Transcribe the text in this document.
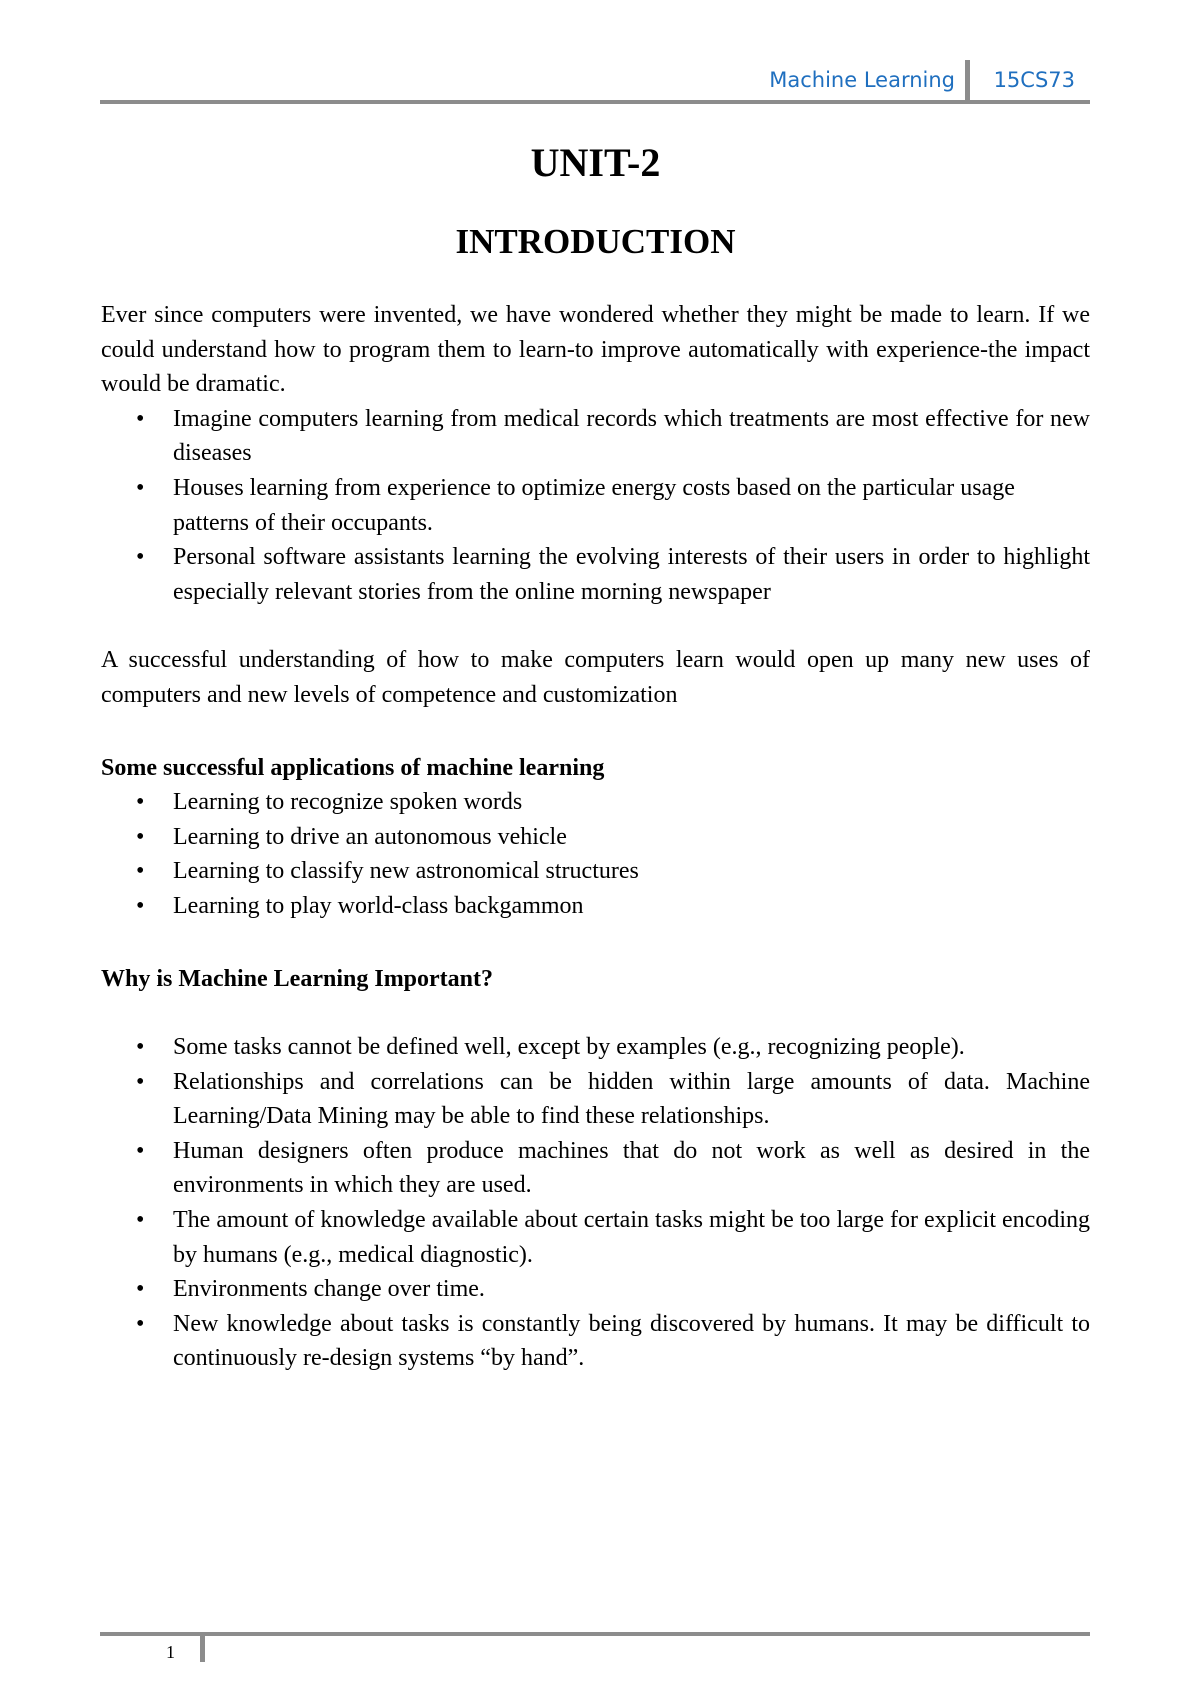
Machine Learning 15CS73
UNIT-2
INTRODUCTION

Ever since computers were invented, we have wondered whether they might be made to learn. If we could understand how to program them to learn-to improve automatically with experience-the impact would be dramatic.

• Imagine computers learning from medical records which treatments are most effective for new diseases
• Houses learning from experience to optimize energy costs based on the particular usage patterns of their occupants.
• Personal software assistants learning the evolving interests of their users in order to highlight especially relevant stories from the online morning newspaper

A successful understanding of how to make computers learn would open up many new uses of computers and new levels of competence and customization

Some successful applications of machine learning
• Learning to recognize spoken words
• Learning to drive an autonomous vehicle
• Learning to classify new astronomical structures
• Learning to play world-class backgammon
Why is Machine Learning Important?
• Some tasks cannot be defined well, except by examples (e.g., recognizing people).
• Relationships and correlations can be hidden within large amounts of data. Machine Learning/Data Mining may be able to find these relationships.
• Human designers often produce machines that do not work as well as desired in the environments in which they are used.
• The amount of knowledge available about certain tasks might be too large for explicit encoding by humans (e.g., medical diagnostic).
• Environments change over time.
• New knowledge about tasks is constantly being discovered by humans. It may be difficult to continuously re-design systems “by hand”.
1
